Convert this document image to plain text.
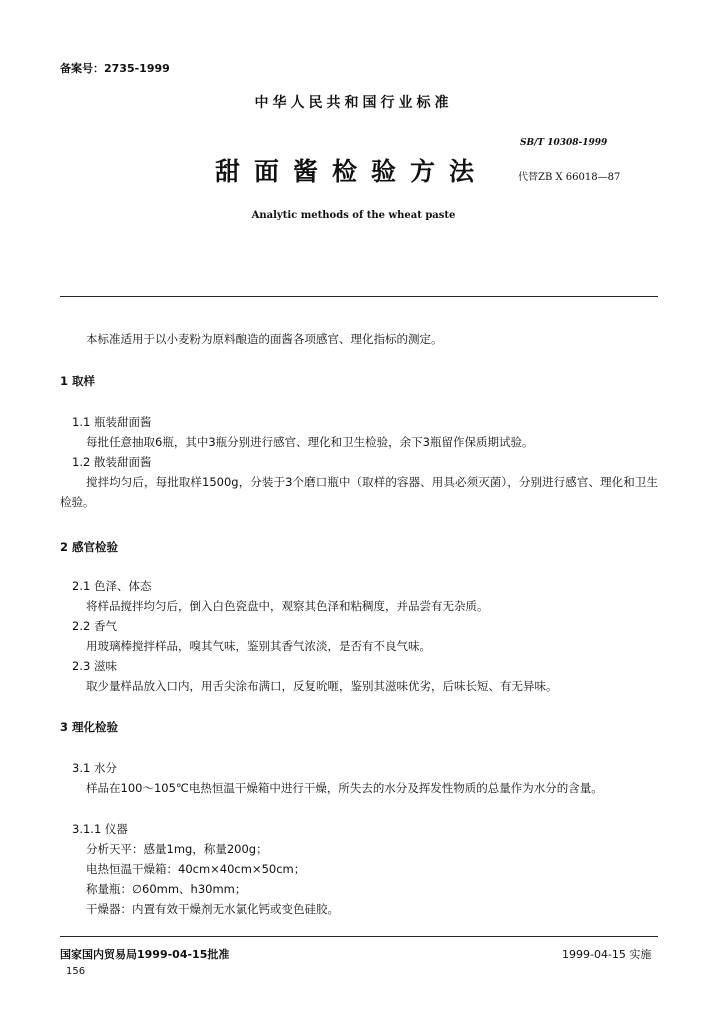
备案号：2735-1999
中华人民共和国行业标准
SB/T 10308-1999
甜面酱检验方法	代替ZB X 66018—87
Analytic methods of the wheat paste
本标准适用于以小麦粉为原料酿造的面酱各项感官、理化指标的测定。
1 取样
1.1 瓶装甜面酱
每批任意抽取6瓶，其中3瓶分别进行感官、理化和卫生检验，余下3瓶留作保质期试验。
1.2 散装甜面酱
搅拌均匀后，每批取样1500g，分装于3个磨口瓶中（取样的容器、用具必须灭菌），分别进行感官、理化和卫生检验。
2 感官检验
2.1 色泽、体态
将样品搅拌均匀后，倒入白色瓷盘中，观察其色泽和粘稠度，并品尝有无杂质。
2.2 香气
用玻璃棒搅拌样品，嗅其气味，鉴别其香气浓淡，是否有不良气味。
2.3 滋味
取少量样品放入口内，用舌尖涂布满口，反复吮咂，鉴别其滋味优劣，后味长短、有无异味。
3 理化检验
3.1 水分
样品在100～105℃电热恒温干燥箱中进行干燥，所失去的水分及挥发性物质的总量作为水分的含量。
3.1.1 仪器
分析天平：感量1mg，称量200g；
电热恒温干燥箱：40cm×40cm×50cm；
称量瓶：∅60mm、h30mm；
干燥器：内置有效干燥剂无水氯化钙或变色硅胶。
国家国内贸易局1999-04-15批准	1999-04-15 实施
156
